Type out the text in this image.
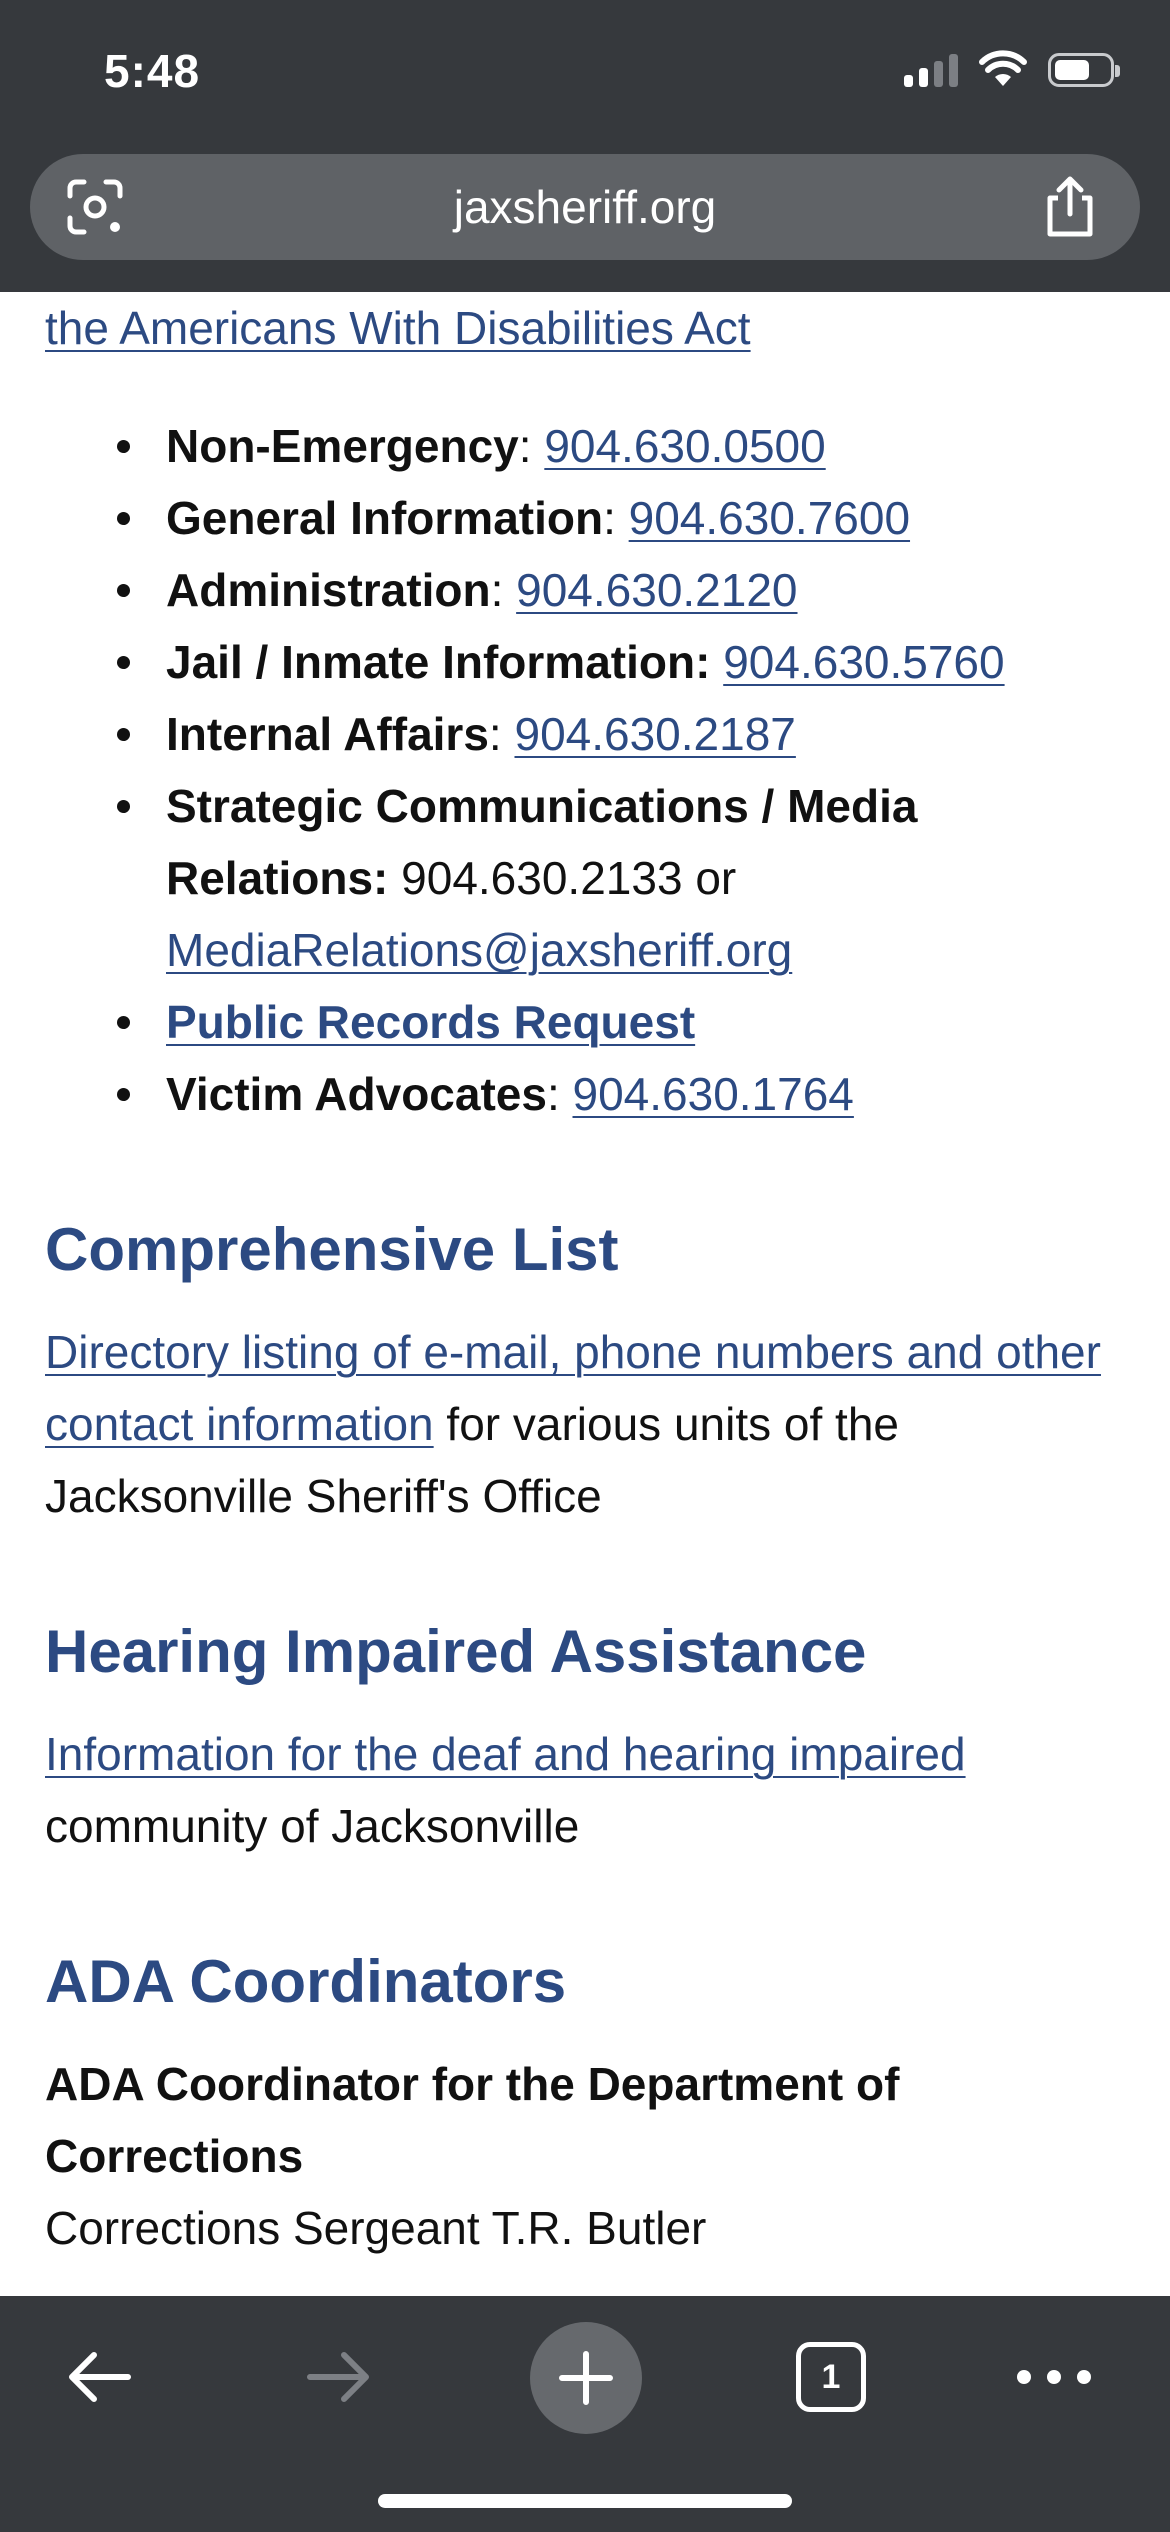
5:48
jaxsheriff.org

the Americans With Disabilities Act

Non-Emergency: 904.630.0500
General Information: 904.630.7600
Administration: 904.630.2120
Jail / Inmate Information: 904.630.5760
Internal Affairs: 904.630.2187
Strategic Communications / Media Relations: 904.630.2133 or MediaRelations@jaxsheriff.org
Public Records Request
Victim Advocates: 904.630.1764
Comprehensive List

Directory listing of e-mail, phone numbers and other contact information for various units of the Jacksonville Sheriff's Office

Hearing Impaired Assistance

Information for the deaf and hearing impaired community of Jacksonville

ADA Coordinators
ADA Coordinator for the Department of Corrections

Corrections Sergeant T.R. Butler

1
